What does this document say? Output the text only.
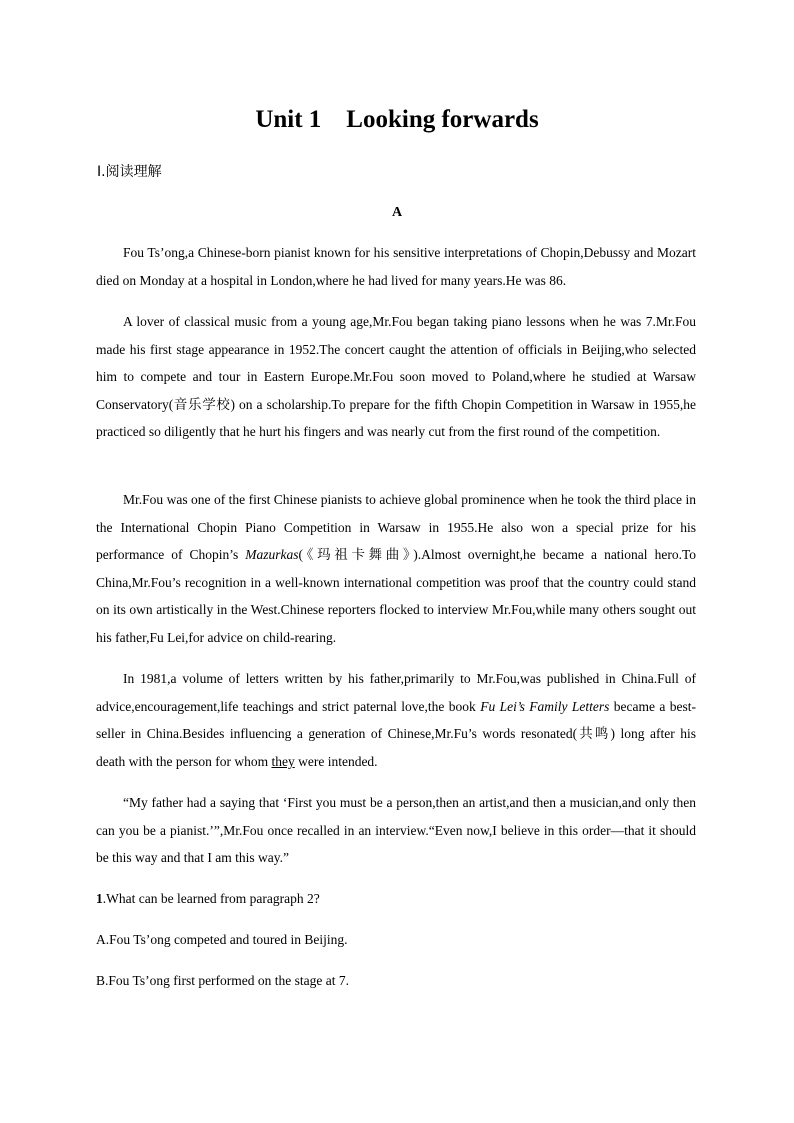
Unit 1    Looking forwards
Ⅰ.阅读理解
A

Fou Ts’ong,a Chinese-born pianist known for his sensitive interpretations of Chopin,Debussy and Mozart died on Monday at a hospital in London,where he had lived for many years.He was 86.

A lover of classical music from a young age,Mr.Fou began taking piano lessons when he was 7.Mr.Fou made his first stage appearance in 1952.The concert caught the attention of officials in Beijing,who selected him to compete and tour in Eastern Europe.Mr.Fou soon moved to Poland,where he studied at Warsaw Conservatory(音乐学校) on a scholarship.To prepare for the fifth Chopin Competition in Warsaw in 1955,he practiced so diligently that he hurt his fingers and was nearly cut from the first round of the competition.

Mr.Fou was one of the first Chinese pianists to achieve global prominence when he took the third place in the International Chopin Piano Competition in Warsaw in 1955.He also won a special prize for his performance of Chopin’s Mazurkas(《玛祖卡舞曲》).Almost overnight,he became a national hero.To China,Mr.Fou’s recognition in a well-known international competition was proof that the country could stand on its own artistically in the West.Chinese reporters flocked to interview Mr.Fou,while many others sought out his father,Fu Lei,for advice on child-rearing.

In 1981,a volume of letters written by his father,primarily to Mr.Fou,was published in China.Full of advice,encouragement,life teachings and strict paternal love,the book Fu Lei’s Family Letters became a best-seller in China.Besides influencing a generation of Chinese,Mr.Fu’s words resonated(共鸣) long after his death with the person for whom they were intended.

“My father had a saying that ‘First you must be a person,then an artist,and then a musician,and only then can you be a pianist.’”,Mr.Fou once recalled in an interview.“Even now,I believe in this order—that it should be this way and that I am this way.”

1.What can be learned from paragraph 2?

A.Fou Ts’ong competed and toured in Beijing.

B.Fou Ts’ong first performed on the stage at 7.
